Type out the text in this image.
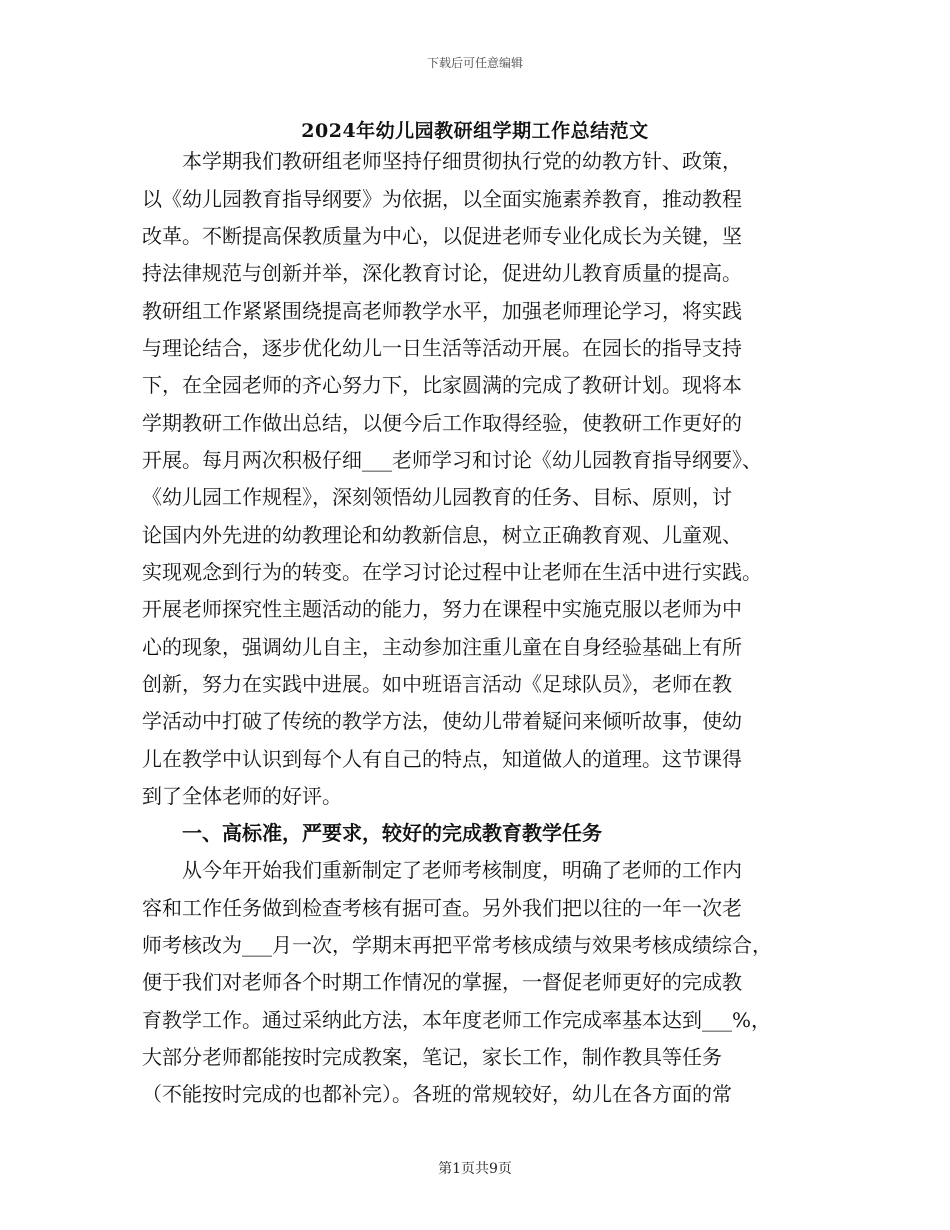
下载后可任意编辑
2024年幼儿园教研组学期工作总结范文
本学期我们教研组老师坚持仔细贯彻执行党的幼教方针、政策，
以《幼儿园教育指导纲要》为依据，以全面实施素养教育，推动教程
改革。不断提高保教质量为中心，以促进老师专业化成长为关键，坚
持法律规范与创新并举，深化教育讨论，促进幼儿教育质量的提高。
教研组工作紧紧围绕提高老师教学水平，加强老师理论学习，将实践
与理论结合，逐步优化幼儿一日生活等活动开展。在园长的指导支持
下，在全园老师的齐心努力下，比家圆满的完成了教研计划。现将本
学期教研工作做出总结，以便今后工作取得经验，使教研工作更好的
开展。每月两次积极仔细___老师学习和讨论《幼儿园教育指导纲要》、
《幼儿园工作规程》，深刻领悟幼儿园教育的任务、目标、原则，讨
论国内外先进的幼教理论和幼教新信息，树立正确教育观、儿童观、
实现观念到行为的转变。在学习讨论过程中让老师在生活中进行实践。
开展老师探究性主题活动的能力，努力在课程中实施克服以老师为中
心的现象，强调幼儿自主，主动参加注重儿童在自身经验基础上有所
创新，努力在实践中进展。如中班语言活动《足球队员》，老师在教
学活动中打破了传统的教学方法，使幼儿带着疑问来倾听故事，使幼
儿在教学中认识到每个人有自己的特点，知道做人的道理。这节课得
到了全体老师的好评。
一、高标准，严要求，较好的完成教育教学任务
从今年开始我们重新制定了老师考核制度，明确了老师的工作内
容和工作任务做到检查考核有据可查。另外我们把以往的一年一次老
师考核改为___月一次，学期末再把平常考核成绩与效果考核成绩综合，
便于我们对老师各个时期工作情况的掌握，一督促老师更好的完成教
育教学工作。通过采纳此方法，本年度老师工作完成率基本达到___%，
大部分老师都能按时完成教案，笔记，家长工作，制作教具等任务
（不能按时完成的也都补完）。各班的常规较好，幼儿在各方面的常
第1页共9页
